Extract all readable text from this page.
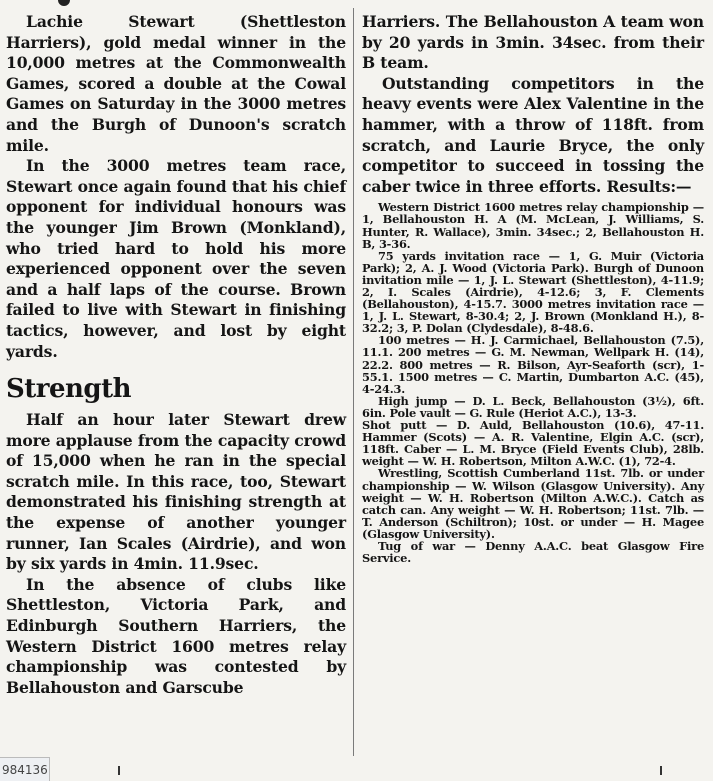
Lachie Stewart (Shettleston Harriers), gold medal winner in the 10,000 metres at the Commonwealth Games, scored a double at the Cowal Games on Saturday in the 3000 metres and the Burgh of Dunoon's scratch mile.

In the 3000 metres team race, Stewart once again found that his chief opponent for individual honours was the younger Jim Brown (Monkland), who tried hard to hold his more experienced opponent over the seven and a half laps of the course. Brown failed to live with Stewart in finishing tactics, however, and lost by eight yards.

Strength

Half an hour later Stewart drew more applause from the capacity crowd of 15,000 when he ran in the special scratch mile. In this race, too, Stewart demonstrated his finishing strength at the expense of another younger runner, Ian Scales (Airdrie), and won by six yards in 4min. 11.9sec.

In the absence of clubs like Shettleston, Victoria Park, and Edinburgh Southern Harriers, the Western District 1600 metres relay championship was contested by Bellahouston and Garscube

Harriers. The Bellahouston A team won by 20 yards in 3min. 34sec. from their B team.

Outstanding competitors in the heavy events were Alex Valentine in the hammer, with a throw of 118ft. from scratch, and Laurie Bryce, the only competitor to succeed in tossing the caber twice in three efforts. Results:—

Western District 1600 metres relay championship — 1, Bellahouston H. A (M. McLean, J. Williams, S. Hunter, R. Wallace), 3min. 34sec.; 2, Bellahouston H. B, 3-36.

75 yards invitation race — 1, G. Muir (Victoria Park); 2, A. J. Wood (Victoria Park). Burgh of Dunoon invitation mile — 1, J. L. Stewart (Shettleston), 4-11.9; 2, I. Scales (Airdrie), 4-12.6; 3, F. Clements (Bellahouston), 4-15.7. 3000 metres invitation race — 1, J. L. Stewart, 8-30.4; 2, J. Brown (Monkland H.), 8-32.2; 3, P. Dolan (Clydesdale), 8-48.6.

100 metres — H. J. Carmichael, Bellahouston (7.5), 11.1. 200 metres — G. M. Newman, Wellpark H. (14), 22.2. 800 metres — R. Bilson, Ayr-Seaforth (scr), 1-55.1. 1500 metres — C. Martin, Dumbarton A.C. (45), 4-24.3.

High jump — D. L. Beck, Bellahouston (3½), 6ft. 6in. Pole vault — G. Rule (Heriot A.C.), 13-3.

Shot putt — D. Auld, Bellahouston (10.6), 47-11. Hammer (Scots) — A. R. Valentine, Elgin A.C. (scr), 118ft. Caber — L. M. Bryce (Field Events Club), 28lb. weight — W. H. Robertson, Milton A.W.C. (1), 72-4.

Wrestling, Scottish Cumberland 11st. 7lb. or under championship — W. Wilson (Glasgow University). Any weight — W. H. Robertson (Milton A.W.C.). Catch as catch can. Any weight — W. H. Robertson; 11st. 7lb. — T. Anderson (Schiltron); 10st. or under — H. Magee (Glasgow University).

Tug of war — Denny A.A.C. beat Glasgow Fire Service.

984136
